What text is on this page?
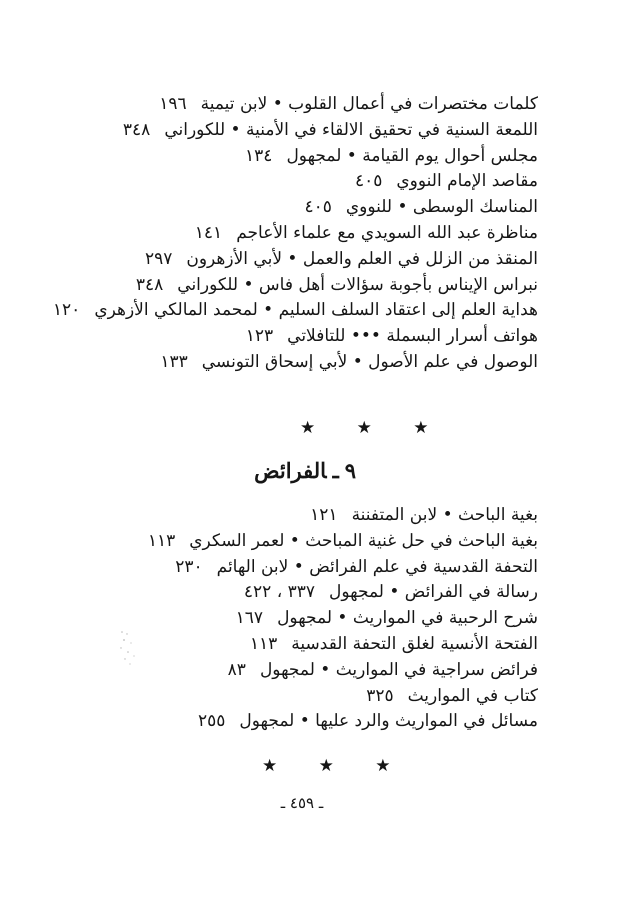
كلمات مختصرات في أعمال القلوب • لابن تيمية١٩٦
اللمعة السنية في تحقيق الالقاء في الأمنية • للكوراني٣٤٨
مجلس أحوال يوم القيامة • لمجهول١٣٤
مقاصد الإمام النووي٤٠٥
المناسك الوسطى • للنووي٤٠٥
مناظرة عبد الله السويدي مع علماء الأعاجم١٤١
المنقذ من الزلل في العلم والعمل • لأبي الأزهرون٢٩٧
نبراس الإيناس بأجوبة سؤالات أهل فاس • للكوراني٣٤٨
هداية العلم إلى اعتقاد السلف السليم • لمحمد المالكي الأزهري١٢٠
هواتف أسرار البسملة ••• للتافلاتي١٢٣
الوصول في علم الأصول • لأبي إسحاق التونسي١٣٣
★ ★ ★
٩ـالفرائض
بغية الباحث • لابن المتفننة١٢١
بغية الباحث في حل غنية المباحث • لعمر السكري١١٣
التحفة القدسية في علم الفرائض • لابن الهائم٢٣٠
رسالة في الفرائض • لمجهول٣٣٧ ، ٤٢٢
شرح الرحبية في المواريث • لمجهول١٦٧
الفتحة الأنسية لغلق التحفة القدسية١١٣
فرائض سراجية في المواريث • لمجهول٨٣
كتاب في المواريث٣٢٥
مسائل في المواريث والرد عليها • لمجهول٢٥٥
★ ★ ★
ـ ٤٥٩ ـ
